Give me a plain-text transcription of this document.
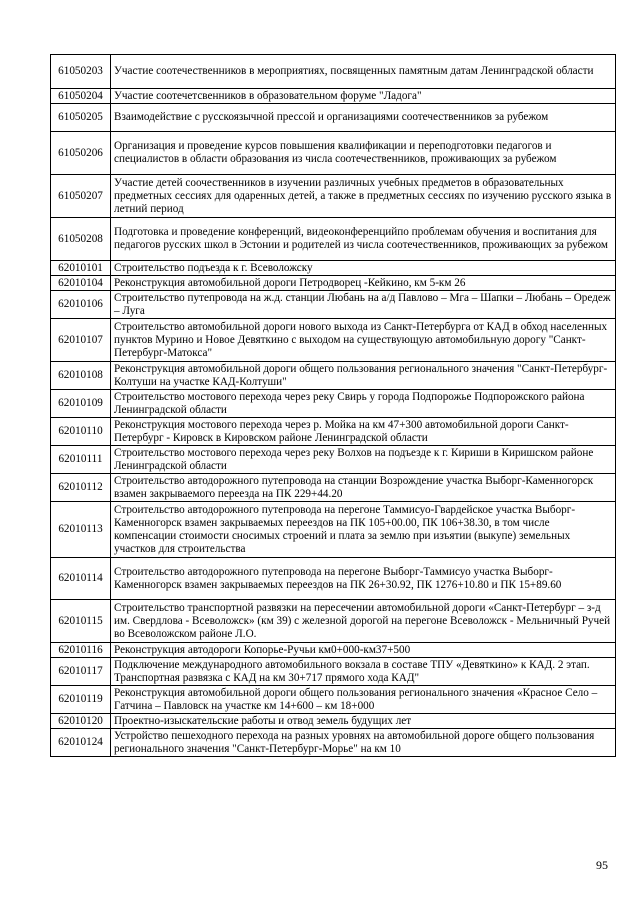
61050203	Участие соотечественников в мероприятиях, посвященных памятным датам Ленинградской области
61050204	Участие соотечетсвенников в образовательном форуме "Ладога"
61050205	Взаимодействие с русскоязычной прессой и организациями соотечественников за рубежом
61050206	Организация и проведение курсов повышения квалификации и переподготовки педагогов и специалистов в области образования из числа соотечественников, проживающих за рубежом
61050207	Участие детей соочественников в изучении различных учебных предметов в образовательных предметных сессиях для одаренных детей, а также в предметных сессиях по изучению русского языка в летний период
61050208	Подготовка и проведение конференций, видеоконференцийпо проблемам обучения и воспитания для педагогов русских школ в Эстонии и родителей из числа соотечественников, проживающих за рубежом
62010101	Строительство подъезда к г. Всеволожску
62010104	Реконструкция автомобильной дороги Петродворец -Кейкино, км 5-км 26
62010106	Строительство путепровода на ж.д. станции Любань на а/д Павлово – Мга – Шапки – Любань – Оредеж – Луга
62010107	Строительство автомобильной дороги нового выхода из Санкт-Петербурга от КАД в обход населенных пунктов Мурино и Новое Девяткино с выходом на существующую автомобильную дорогу "Санкт-Петербург-Матокса"
62010108	Реконструкция автомобильной дороги общего пользования регионального значения "Санкт-Петербург-Колтуши на участке КАД-Колтуши"
62010109	Строительство мостового перехода через реку Свирь у города Подпорожье Подпорожского района Ленинградской области
62010110	Реконструкция мостового перехода через р. Мойка на км 47+300 автомобильной дороги Санкт-Петербург - Кировск в Кировском районе Ленинградской области
62010111	Строительство мостового перехода через реку Волхов на подъезде к г. Кириши в Киришском районе Ленинградской области
62010112	Строительство автодорожного путепровода на станции Возрождение участка Выборг-Каменногорск взамен закрываемого переезда на ПК 229+44.20
62010113	Строительство автодорожного путепровода на перегоне Таммисуо-Гвардейское участка Выборг-Каменногорск взамен закрываемых переездов на ПК 105+00.00, ПК 106+38.30, в том числе компенсации стоимости сносимых строений и плата за землю при изъятии (выкупе) земельных участков для строительства
62010114	Строительство автодорожного путепровода на перегоне Выборг-Таммисуо участка Выборг-Каменногорск взамен закрываемых переездов на ПК 26+30.92, ПК 1276+10.80 и ПК 15+89.60
62010115	Строительство транспортной развязки на пересечении автомобильной дороги «Санкт-Петербург – з-д им. Свердлова - Всеволожск» (км 39) с железной дорогой на перегоне Всеволожск - Мельничный Ручей во Всеволожском районе Л.О.
62010116	Реконструкция автодороги Копорье-Ручьи км0+000-км37+500
62010117	Подключение международного автомобильного вокзала в составе ТПУ «Девяткино» к КАД. 2 этап. Транспортная развязка с КАД на км 30+717 прямого хода КАД"
62010119	Реконструкция автомобильной дороги общего пользования регионального значения «Красное Село – Гатчина – Павловск на участке км 14+600 – км 18+000
62010120	Проектно-изыскательские работы и отвод земель будущих лет
62010124	Устройство пешеходного перехода на разных уровнях на автомобильной дороге общего пользования регионального значения "Санкт-Петербург-Морье" на км 10
95
